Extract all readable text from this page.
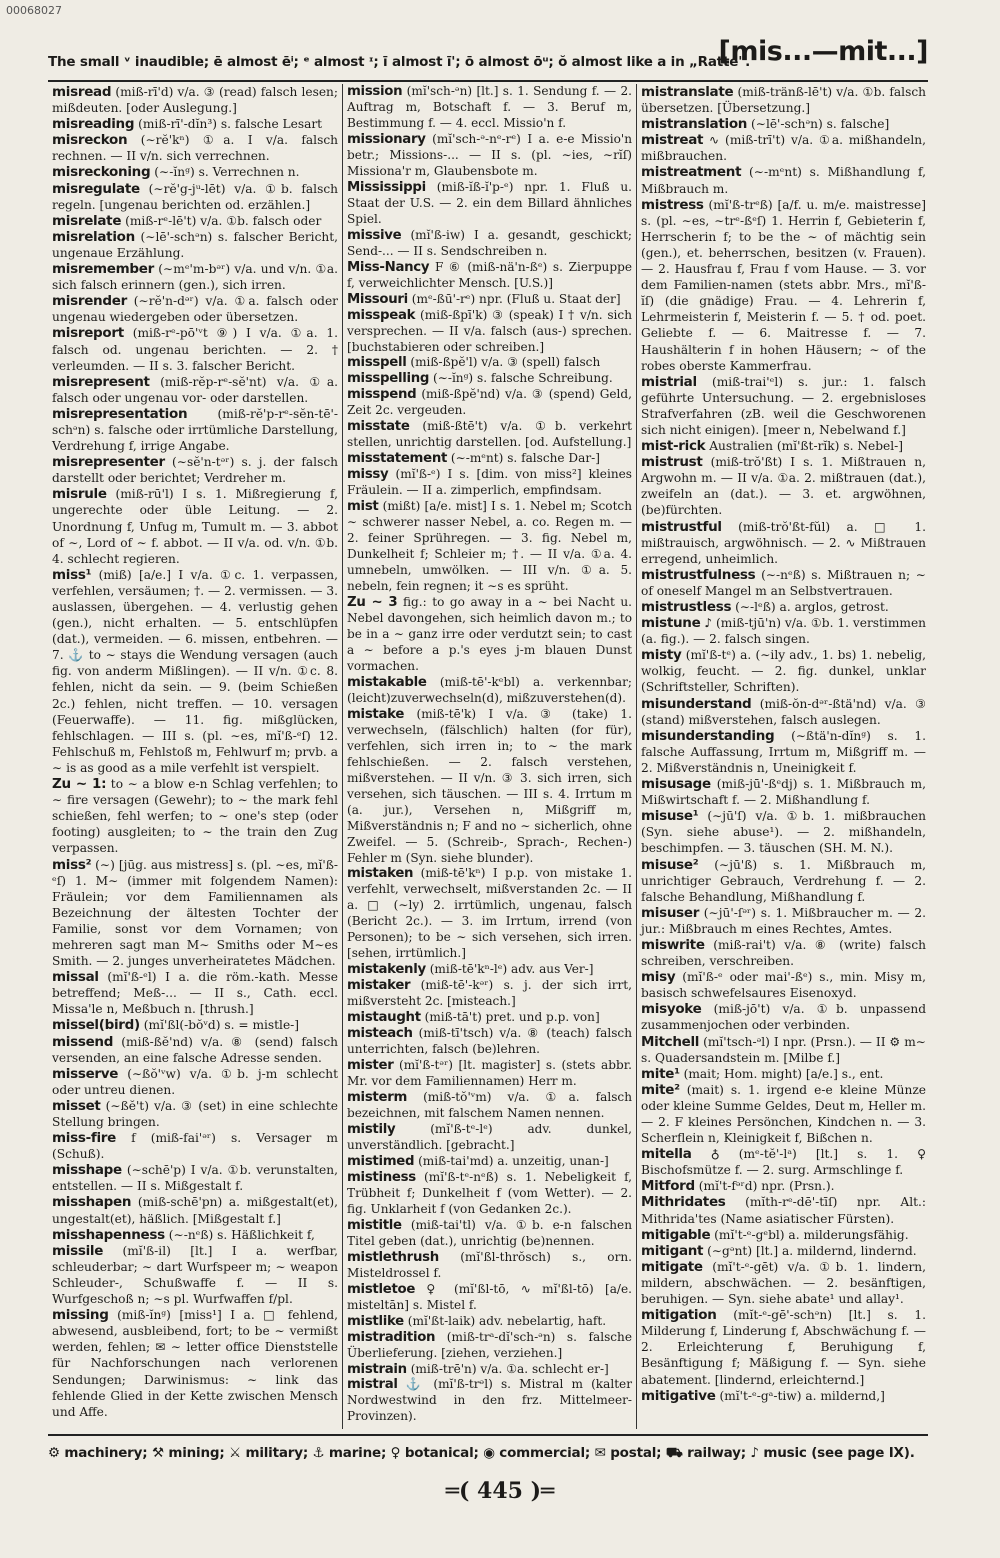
00068027
The small ᵛ inaudible; ē almost ēⁱ; ᵉ almost ᶦ; ī almost ī'; ō almost ōᵘ; ŏ almost like a in „Ratte".
[mis...—mit...]

misread (miß-rī'd) v/a. ③ (read) falsch lesen; mißdeuten. [oder Auslegung.]

misreading (miß-rī'-dĭn³) s. falsche Lesart

misreckon (∼rĕ'kⁿ) ①a. I v/a. falsch rechnen. — II v/n. sich verrechnen.

misreckoning (∼-ĭnᵍ) s. Verrechnen n.

misregulate (∼rĕ'g-jᵘ-lēt) v/a. ①b. falsch regeln. [ungenau berichten od. erzählen.]

misrelate (miß-rᵉ-lē't) v/a. ①b. falsch oder

misrelation (∼lē'-schᵊn) s. falscher Bericht, ungenaue Erzählung.

misremember (∼mᵉ'm-bᵊʳ) v/a. und v/n. ①a. sich falsch erinnern (gen.), sich irren.

misrender (∼rĕ'n-dᵊʳ) v/a. ①a. falsch oder ungenau wiedergeben oder übersetzen.

misreport (miß-rᵉ-pō'ᵛt ⑨) I v/a. ①a. 1. falsch od. ungenau berichten. — 2. † verleumden. — II s. 3. falscher Bericht.

misrepresent (miß-rĕp-rᵉ-sĕ'nt) v/a. ①a. falsch oder ungenau vor- oder darstellen.

misrepresentation (miß-rĕ'p-rᵉ-sĕn-tē'-schᵊn) s. falsche oder irrtümliche Darstellung, Verdrehung f, irrige Angabe.

misrepresenter (∼sĕ'n-tᵊʳ) s. j. der falsch darstellt oder berichtet; Verdreher m.

misrule (miß-rū'l) I s. 1. Mißregierung f, ungerechte oder üble Leitung. — 2. Unordnung f, Unfug m, Tumult m. — 3. abbot of ∼, Lord of ∼ f. abbot. — II v/a. od. v/n. ①b. 4. schlecht regieren.

miss¹ (miß) [a/e.] I v/a. ①c. 1. verpassen, verfehlen, versäumen; †. — 2. vermissen. — 3. auslassen, übergehen. — 4. verlustig gehen (gen.), nicht erhalten. — 5. entschlüpfen (dat.), vermeiden. — 6. missen, entbehren. — 7. ⚓ to ∼ stays die Wendung versagen (auch fig. von anderm Mißlingen). — II v/n. ①c. 8. fehlen, nicht da sein. — 9. (beim Schießen 2c.) fehlen, nicht treffen. — 10. versagen (Feuerwaffe). — 11. fig. mißglücken, fehlschlagen. — III s. (pl. ∼es, mĭ'ß-ᵉſ) 12. Fehlschuß m, Fehlstoß m, Fehlwurf m; prvb. a ∼ is as good as a mile verfehlt ist verspielt.

Zu ∼ 1: to ∼ a blow e-n Schlag verfehlen; to ∼ fire versagen (Gewehr); to ∼ the mark fehl schießen, fehl werfen; to ∼ one's step (oder footing) ausgleiten; to ∼ the train den Zug verpassen.

miss² (∼) [jūg. aus mistress] s. (pl. ∼es, mĭ'ß-ᵉſ) 1. M∼ (immer mit folgendem Namen): Fräulein; vor dem Familiennamen als Bezeichnung der ältesten Tochter der Familie, sonst vor dem Vornamen; von mehreren sagt man M∼ Smiths oder M∼es Smith. — 2. junges unverheiratetes Mädchen.

missal (mĭ'ß-ᵉl) I a. die röm.-kath. Messe betreffend; Meß-... — II s., Cath. eccl. Missa'le n, Meßbuch n. [thrush.]

missel(bird) (mĭ'ßl(-bŏᵛd) s. = mistle-]

missend (miß-ßĕ'nd) v/a. ⑧ (send) falsch versenden, an eine falsche Adresse senden.

misserve (∼ßŏ'ᵛw) v/a. ①b. j-m schlecht oder untreu dienen.

misset (∼ßĕ't) v/a. ③ (set) in eine schlechte Stellung bringen.

miss-fire f (miß-fai'ᵊʳ) s. Versager m (Schuß).

misshape (∼schē'p) I v/a. ①b. verunstalten, entstellen. — II s. Mißgestalt f.

misshapen (miß-schē'pn) a. mißgestalt(et), ungestalt(et), häßlich. [Mißgestalt f.]

misshapenness (∼-nᵉß) s. Häßlichkeit f,

missile (mĭ'ß-il) [lt.] I a. werfbar, schleuderbar; ∼ dart Wurfspeer m; ∼ weapon Schleuder-, Schußwaffe f. — II s. Wurfgeschoß n; ∼s pl. Wurfwaffen f/pl.

missing (miß-ĭnᵍ) [miss¹] I a. □ fehlend, abwesend, ausbleibend, fort; to be ∼ vermißt werden, fehlen; ✉ ∼ letter office Dienststelle für Nachforschungen nach verlorenen Sendungen; Darwinismus: ∼ link das fehlende Glied in der Kette zwischen Mensch und Affe.

mission (mĭ'sch-ᵊn) [lt.] s. 1. Sendung f. — 2. Auftrag m, Botschaft f. — 3. Beruf m, Bestimmung f. — 4. eccl. Missio'n f.

missionary (mĭ'sch-ᵊ-nᵉ-rᵉ) I a. e-e Missio'n betr.; Missions-... — II s. (pl. ∼ies, ∼rĭſ) Missiona'r m, Glaubensbote m.

Mississippi (miß-ĭß-ĭ'p-ᵉ) npr. 1. Fluß u. Staat der U.S. — 2. ein dem Billard ähnliches Spiel.

missive (mĭ'ß-iw) I a. gesandt, geschickt; Send-... — II s. Sendschreiben n.

Miss-Nancy F ⑥ (miß-nä'n-ßᵉ) s. Zierpuppe f, verweichlichter Mensch. [U.S.)]

Missouri (mᵉ-ßū'-rᵉ) npr. (Fluß u. Staat der]

misspeak (miß-ßpī'k) ③ (speak) I † v/n. sich versprechen. — II v/a. falsch (aus-) sprechen. [buchstabieren oder schreiben.]

misspell (miß-ßpĕ'l) v/a. ③ (spell) falsch

misspelling (∼-ĭnᵍ) s. falsche Schreibung.

misspend (miß-ßpĕ'nd) v/a. ③ (spend) Geld, Zeit 2c. vergeuden.

misstate (miß-ßtē't) v/a. ①b. verkehrt stellen, unrichtig darstellen. [od. Aufstellung.]

misstatement (∼-mᵉnt) s. falsche Dar-]

missy (mĭ'ß-ᵉ) I s. [dim. von miss²] kleines Fräulein. — II a. zimperlich, empfindsam.

mist (mißt) [a/e. mist] I s. 1. Nebel m; Scotch ∼ schwerer nasser Nebel, a. co. Regen m. — 2. feiner Sprühregen. — 3. fig. Nebel m, Dunkelheit f; Schleier m; †. — II v/a. ①a. 4. umnebeln, umwölken. — III v/n. ①a. 5. nebeln, fein regnen; it ∼s es sprüht.

Zu ∼ 3 fig.: to go away in a ∼ bei Nacht u. Nebel davongehen, sich heimlich davon m.; to be in a ∼ ganz irre oder verdutzt sein; to cast a ∼ before a p.'s eyes j-m blauen Dunst vormachen.

mistakable (miß-tē'-kᵉbl) a. verkennbar; (leicht)zuverwechseln(d), mißzuverstehen(d).

mistake (miß-tē'k) I v/a. ③ (take) 1. verwechseln, (fälschlich) halten (for für), verfehlen, sich irren in; to ∼ the mark fehlschießen. — 2. falsch verstehen, mißverstehen. — II v/n. ③ 3. sich irren, sich versehen, sich täuschen. — III s. 4. Irrtum m (a. jur.), Versehen n, Mißgriff m, Mißverständnis n; F and no ∼ sicherlich, ohne Zweifel. — 5. (Schreib-, Sprach-, Rechen-) Fehler m (Syn. siehe blunder).

mistaken (miß-tē'kⁿ) I p.p. von mistake 1. verfehlt, verwechselt, mißverstanden 2c. — II a. □ (∼ly) 2. irrtümlich, ungenau, falsch (Bericht 2c.). — 3. im Irrtum, irrend (von Personen); to be ∼ sich versehen, sich irren. [sehen, irrtümlich.]

mistakenly (miß-tē'kⁿ-lᵉ) adv. aus Ver-]

mistaker (miß-tē'-kᵊʳ) s. j. der sich irrt, mißversteht 2c. [misteach.]

mistaught (miß-tā't) pret. und p.p. von]

misteach (miß-tī'tsch) v/a. ⑧ (teach) falsch unterrichten, falsch (be)lehren.

mister (mĭ'ß-tᵊʳ) [lt. magister] s. (stets abbr. Mr. vor dem Familiennamen) Herr m.

misterm (miß-tŏ'ᵛm) v/a. ①a. falsch bezeichnen, mit falschem Namen nennen.

mistily	(mĭ'ß-tᵉ-lᵉ) adv. dunkel, unverständlich. [gebracht.]

mistimed (miß-tai'md) a. unzeitig, unan-]

mistiness (mĭ'ß-tᵉ-nᵉß) s. 1. Nebeligkeit f, Trübheit f; Dunkelheit f (vom Wetter). — 2. fig. Unklarheit f (von Gedanken 2c.).

mistitle (miß-tai'tl) v/a. ①b. e-n falschen Titel geben (dat.), unrichtig (be)nennen.

mistlethrush (mĭ'ßl-thrŏsch) s., orn. Misteldrossel f.

mistletoe ♀ (mĭ'ßl-tō, ∿ mĭ'ßl-tō) [a/e. misteltān] s. Mistel f.

mistlike (mĭ'ßt-laik) adv. nebelartig, haft.

mistradition (miß-trᵃ-dĭ'sch-ᵊn) s. falsche Überlieferung. [ziehen, verziehen.]

mistrain (miß-trē'n) v/a. ①a. schlecht er-]

mistral ⚓ (mĭ'ß-trᵊl) s. Mistral m (kalter Nordwestwind in den frz. Mittelmeer-Provinzen).

mistranslate (miß-tränß-lē't) v/a. ①b. falsch übersetzen. [Übersetzung.]

mistranslation (∼lē'-schᵊn) s. falsche]

mistreat ∿ (miß-trī't) v/a. ①a. mißhandeln, mißbrauchen.

mistreatment (∼-mᵉnt) s. Mißhandlung f, Mißbrauch m.

mistress (mĭ'ß-trᵉß) [a/f. u. m/e. maistresse] s. (pl. ∼es, ∼trᵉ-ßᵉſ) 1. Herrin f, Gebieterin f, Herrscherin f; to be the ∼ of mächtig sein (gen.), et. beherrschen, besitzen (v. Frauen). — 2. Hausfrau f, Frau f vom Hause. — 3. vor dem Familien-namen (stets abbr. Mrs., mĭ'ß-ĭſ) (die gnädige) Frau. — 4. Lehrerin f, Lehrmeisterin f, Meisterin f. — 5. † od. poet. Geliebte f. — 6. Maitresse f. — 7. Haushälterin f in hohen Häusern; ∼ of the robes oberste Kammerfrau.

mistrial (miß-trai'ᵉl) s. jur.: 1. falsch geführte Untersuchung. — 2. ergebnisloses Strafverfahren (zB. weil die Geschworenen sich nicht einigen). [meer n, Nebelwand f.]

mist-rick Australien (mĭ'ßt-rĭk) s. Nebel-]

mistrust (miß-trŏ'ßt) I s. 1. Mißtrauen n, Argwohn m. — II v/a. ①a. 2. mißtrauen (dat.), zweifeln an (dat.). — 3. et. argwöhnen, (be)fürchten.

mistrustful (miß-trŏ'ßt-fŭl) a. □ 1. mißtrauisch, argwöhnisch. — 2. ∿ Mißtrauen erregend, unheimlich.

mistrustfulness (∼-nᵉß) s. Mißtrauen n; ∼ of oneself Mangel m an Selbstvertrauen.

mistrustless (∼-lᵉß) a. arglos, getrost.

mistune ♪ (miß-tjū'n) v/a. ①b. 1. verstimmen (a. fig.). — 2. falsch singen.

misty (mĭ'ß-tᵉ) a. (∼ily adv., 1. bs) 1. nebelig, wolkig, feucht. — 2. fig. dunkel, unklar (Schriftsteller, Schriften).

misunderstand (miß-ŏn-dᵊʳ-ßtä'nd) v/a. ③ (stand) mißverstehen, falsch auslegen.

misunderstanding (∼ßtä'n-dĭnᵍ) s. 1. falsche Auffassung, Irrtum m, Mißgriff m. — 2. Mißverständnis n, Uneinigkeit f.

misusage (miß-jū'-ßᵉdj) s. 1. Mißbrauch m, Mißwirtschaft f. — 2. Mißhandlung f.

misuse¹ (∼jū'ſ) v/a. ①b. 1. mißbrauchen (Syn. siehe abuse¹). — 2. mißhandeln, beschimpfen. — 3. täuschen (SH. M. N.).

misuse² (∼jū'ß) s. 1. Mißbrauch m, unrichtiger Gebrauch, Verdrehung f. — 2. falsche Behandlung, Mißhandlung f.

misuser (∼jū'-ſᵊʳ) s. 1. Mißbraucher m. — 2. jur.: Mißbrauch m eines Rechtes, Amtes.

miswrite (miß-rai't) v/a. ⑧ (write) falsch schreiben, verschreiben.

misy (mĭ'ß-ᵉ oder mai'-ßᵉ) s., min. Misy m, basisch schwefelsaures Eisenoxyd.

misyoke (miß-jō't) v/a. ①b. unpassend zusammenjochen oder verbinden.

Mitchell (mĭ'tsch-ᵊl) I npr. (Prsn.). — II ⚙ m∼ s. Quadersandstein m. [Milbe f.]

mite¹ (mait; Hom. might) [a/e.] s., ent.

mite² (mait) s. 1. irgend e-e kleine Münze oder kleine Summe Geldes, Deut m, Heller m. — 2. F kleines Persönchen, Kindchen n. — 3. Scherflein n, Kleinigkeit f, Bißchen n.

mitella ♁ (mᵉ-tĕ'-lᵃ) [lt.] s. 1. ♀ Bischofsmütze f. — 2. surg. Armschlinge f.

Mitford (mĭ't-fᵊʳd) npr. (Prsn.).

Mithridates (mĭth-rᵉ-dē'-tīſ) npr. Alt.: Mithrida'tes (Name asiatischer Fürsten).

mitigable (mĭ't-ᵉ-gᵉbl) a. milderungsfähig.

mitigant (∼gᵊnt) [lt.] a. mildernd, lindernd.

mitigate (mĭ't-ᵉ-gēt) v/a. ①b. 1. lindern, mildern, abschwächen. — 2. besänftigen, beruhigen. — Syn. siehe abate¹ und allay¹.

mitigation (mĭt-ᵉ-gē'-schᵊn) [lt.] s. 1. Milderung f, Linderung f, Abschwächung f. — 2. Erleichterung f, Beruhigung f, Besänftigung f; Mäßigung f. — Syn. siehe abatement. [lindernd, erleichternd.]

mitigative (mĭ't-ᵉ-gᵃ-tiw) a. mildernd,]

⚙ machinery; ⚒ mining; ⚔ military; ⚓ marine; ♀ botanical; ◉ commercial; ✉ postal; ⛟ railway; ♪ music (see page IX).
═( 445 )═
